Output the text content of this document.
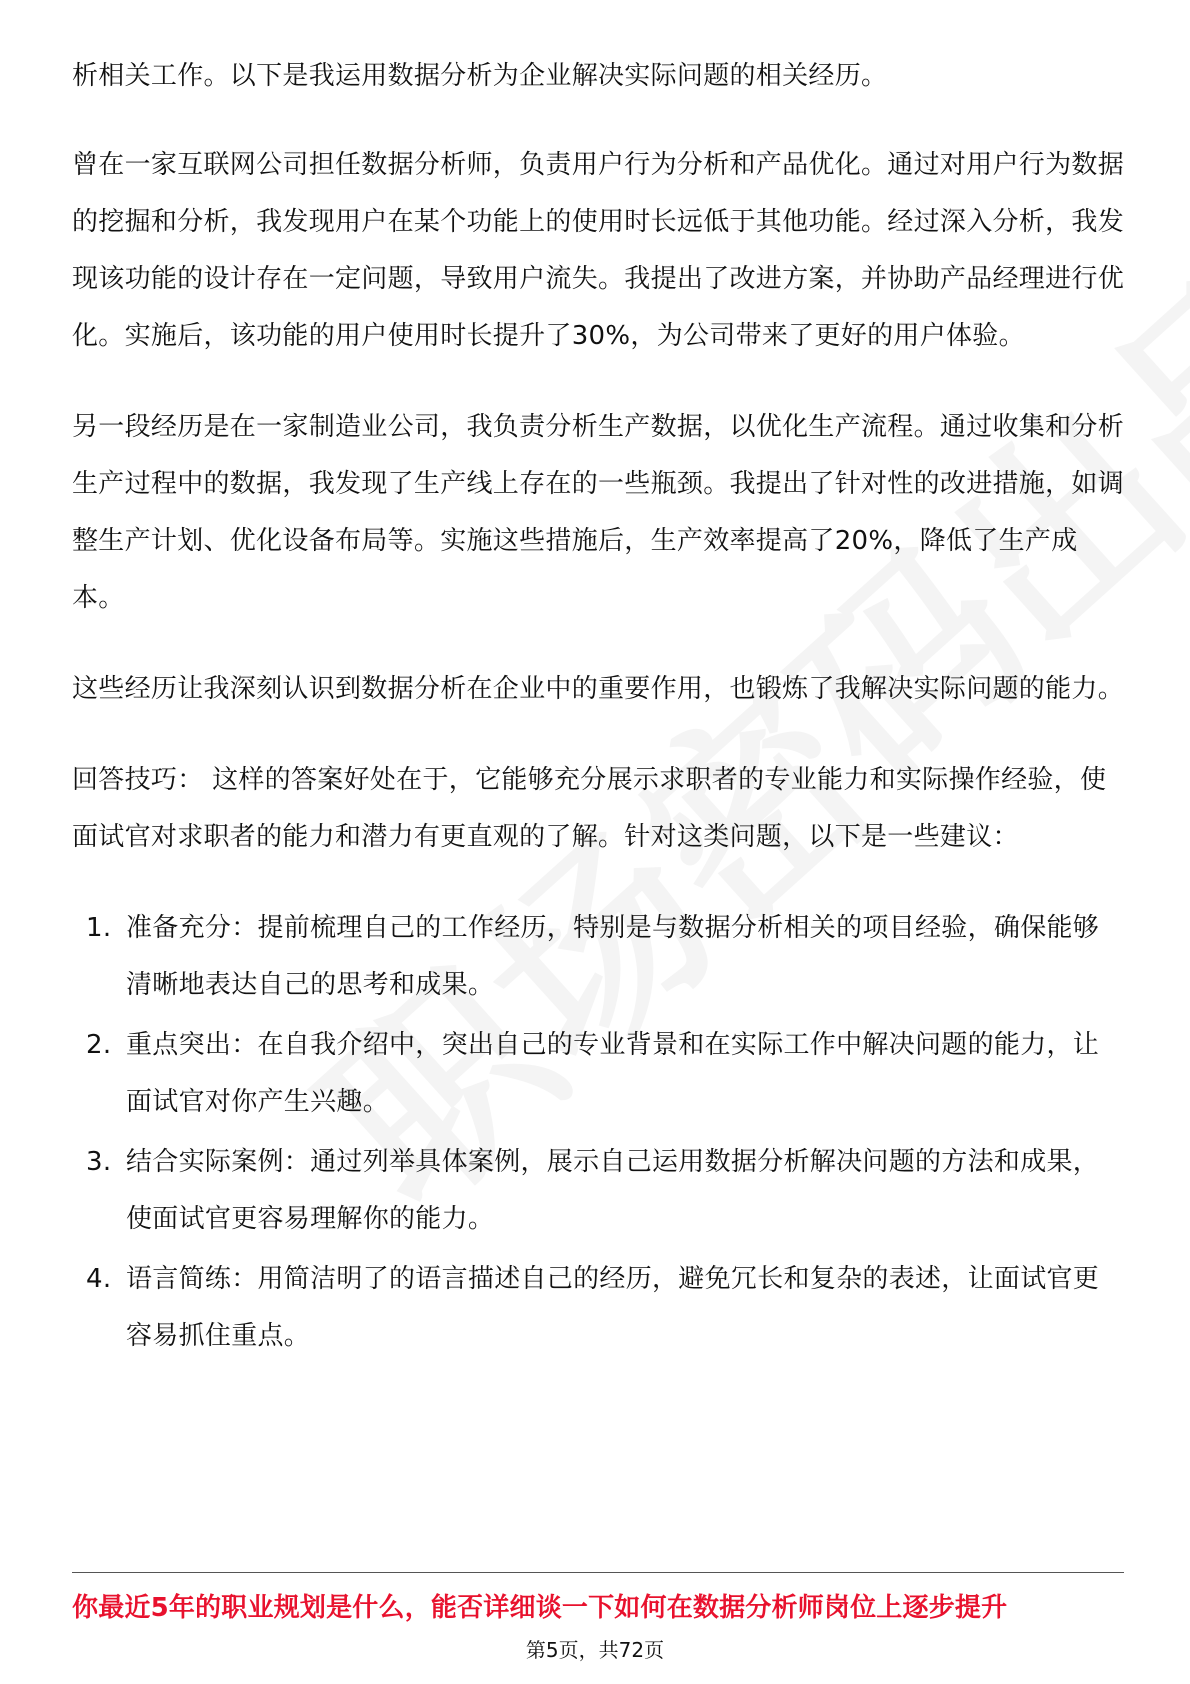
析相关工作。以下是我运用数据分析为企业解决实际问题的相关经历。

曾在一家互联网公司担任数据分析师，负责用户行为分析和产品优化。通过对用户行为数据的挖掘和分析，我发现用户在某个功能上的使用时长远低于其他功能。经过深入分析，我发现该功能的设计存在一定问题，导致用户流失。我提出了改进方案，并协助产品经理进行优化。实施后，该功能的用户使用时长提升了30%，为公司带来了更好的用户体验。

另一段经历是在一家制造业公司，我负责分析生产数据，以优化生产流程。通过收集和分析生产过程中的数据，我发现了生产线上存在的一些瓶颈。我提出了针对性的改进措施，如调整生产计划、优化设备布局等。实施这些措施后，生产效率提高了20%，降低了生产成本。

这些经历让我深刻认识到数据分析在企业中的重要作用，也锻炼了我解决实际问题的能力。

回答技巧： 这样的答案好处在于，它能够充分展示求职者的专业能力和实际操作经验，使面试官对求职者的能力和潜力有更直观的了解。针对这类问题，以下是一些建议：

1. 准备充分：提前梳理自己的工作经历，特别是与数据分析相关的项目经验，确保能够清晰地表达自己的思考和成果。
2. 重点突出：在自我介绍中，突出自己的专业背景和在实际工作中解决问题的能力，让面试官对你产生兴趣。
3. 结合实际案例：通过列举具体案例，展示自己运用数据分析解决问题的方法和成果，使面试官更容易理解你的能力。
4. 语言简练：用简洁明了的语言描述自己的经历，避免冗长和复杂的表述，让面试官更容易抓住重点。
你最近5年的职业规划是什么，能否详细谈一下如何在数据分析师岗位上逐步提升
第5页，共72页
